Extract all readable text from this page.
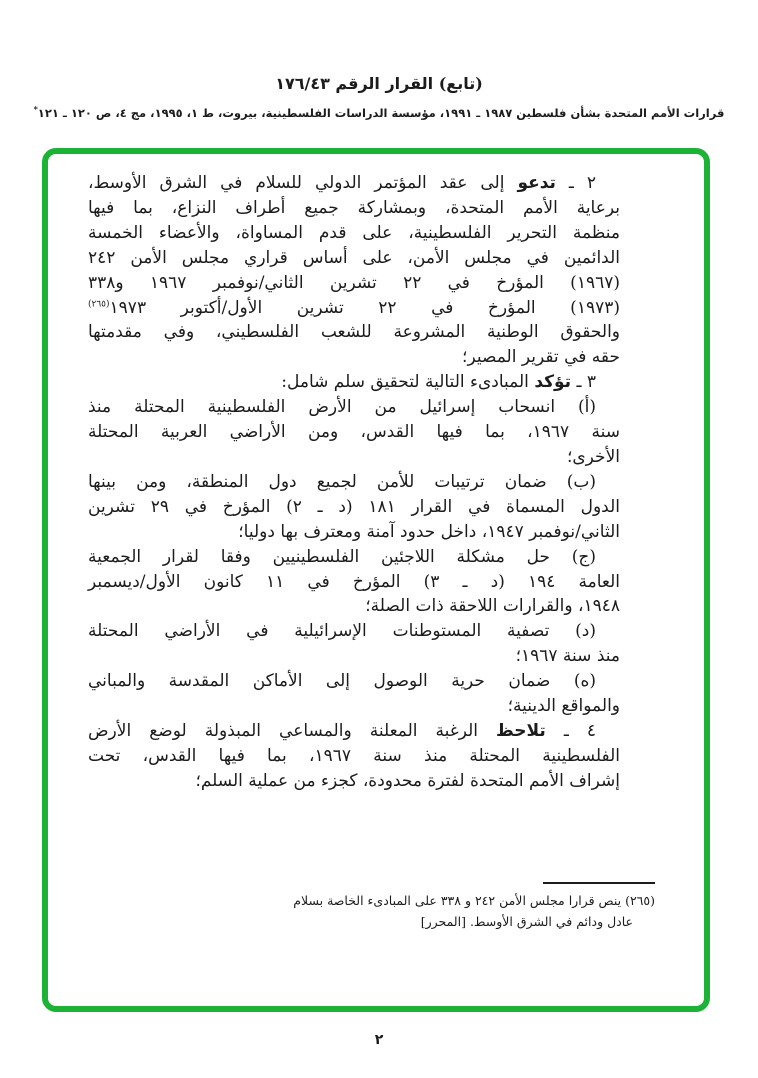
(تابع) القرار الرقم ١٧٦/٤٣
قرارات الأمم المتحدة بشأن فلسطين ١٩٨٧ ـ ١٩٩١، مؤسسة الدراسات الفلسطينية، بيروت، ط ١، ١٩٩٥، مج ٤، ص ١٢٠ ـ ١٢١*
٢ ـ تدعو إلى عقد المؤتمر الدولي للسلام في الشرق الأوسط،
برعاية الأمم المتحدة، وبمشاركة جميع أطراف النزاع، بما فيها
منظمة التحرير الفلسطينية، على قدم المساواة، والأعضاء الخمسة
الدائمين في مجلس الأمن، على أساس قراري مجلس الأمن ٢٤٢
(١٩٦٧) المؤرخ في ٢٢ تشرين الثاني/نوفمبر ١٩٦٧ و٣٣٨
(١٩٧٣) المؤرخ في ٢٢ تشرين الأول/أكتوبر ١٩٧٣$^{(٢٦٥)}$
والحقوق الوطنية المشروعة للشعب الفلسطيني، وفي مقدمتها
حقه في تقرير المصير؛
٣ ـ تؤكد المبادىء التالية لتحقيق سلم شامل:
(أ) انسحاب إسرائيل من الأرض الفلسطينية المحتلة منذ
سنة ١٩٦٧، بما فيها القدس، ومن الأراضي العربية المحتلة
الأخرى؛
(ب) ضمان ترتيبات للأمن لجميع دول المنطقة، ومن بينها
الدول المسماة في القرار ١٨١ (د ـ ٢) المؤرخ في ٢٩ تشرين
الثاني/نوفمبر ١٩٤٧، داخل حدود آمنة ومعترف بها دوليا؛
(ج) حل مشكلة اللاجئين الفلسطينيين وفقا لقرار الجمعية
العامة ١٩٤ (د ـ ٣) المؤرخ في ١١ كانون الأول/ديسمبر
١٩٤٨، والقرارات اللاحقة ذات الصلة؛
(د) تصفية المستوطنات الإسرائيلية في الأراضي المحتلة
منذ سنة ١٩٦٧؛
(ه) ضمان حرية الوصول إلى الأماكن المقدسة والمباني
والمواقع الدينية؛
٤ ـ تلاحظ الرغبة المعلنة والمساعي المبذولة لوضع الأرض
الفلسطينية المحتلة منذ سنة ١٩٦٧، بما فيها القدس، تحت
إشراف الأمم المتحدة لفترة محدودة، كجزء من عملية السلم؛
(٢٦٥) ينص قرارا مجلس الأمن ٢٤٢ و ٣٣٨ على المبادىء الخاصة بسلام
عادل ودائم في الشرق الأوسط. [المحرر]
٢
